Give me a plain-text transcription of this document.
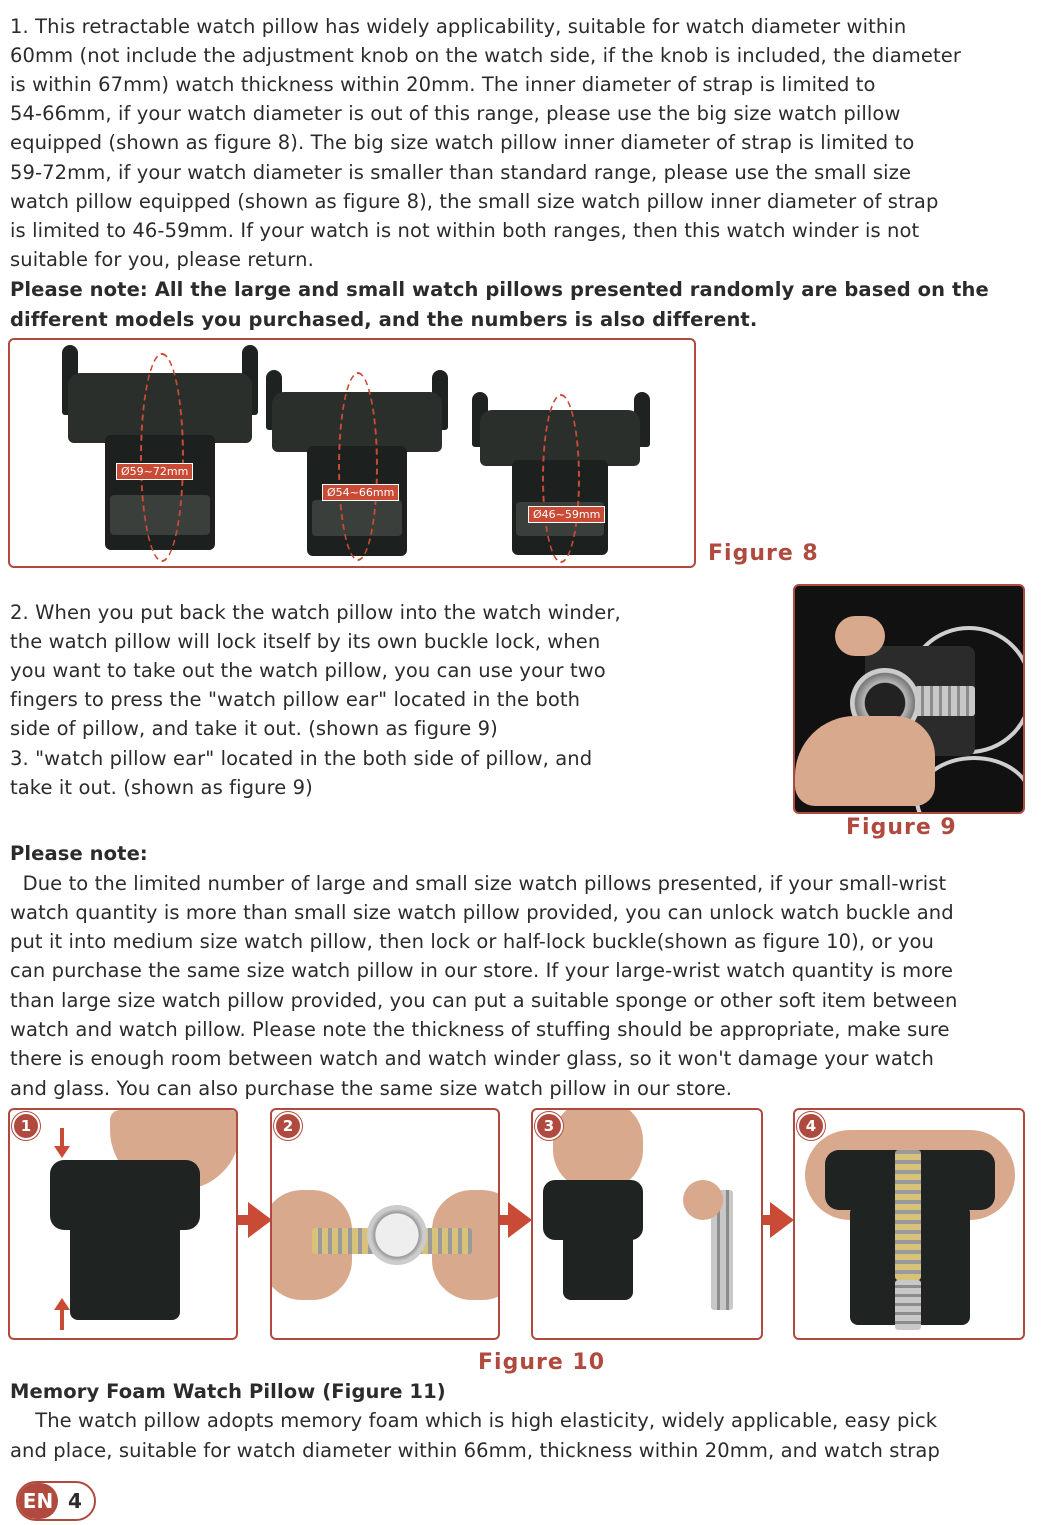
1. This retractable watch pillow has widely applicability, suitable for watch diameter within

60mm (not include the adjustment knob on the watch side, if the knob is included, the diameter

is within 67mm) watch thickness within 20mm. The inner diameter of strap is limited to

54-66mm, if your watch diameter is out of this range, please use the big size watch pillow

equipped (shown as figure 8). The big size watch pillow inner diameter of strap is limited to

59-72mm, if your watch diameter is smaller than standard range, please use the small size

watch pillow equipped (shown as figure 8), the small size watch pillow inner diameter of strap

is limited to 46-59mm. If your watch is not within both ranges, then this watch winder is not

suitable for you, please return.

Please note: All the large and small watch pillows presented randomly are based on the

different models you purchased, and the numbers is also different.

Ø59~72mm
Ø54~66mm
Ø46~59mm
Figure 8

2. When you put back the watch pillow into the watch winder,

the watch pillow will lock itself by its own buckle lock, when

you want to take out the watch pillow, you can use your two

fingers to press the "watch pillow ear" located in the both

side of pillow, and take it out. (shown as figure 9)

3. "watch pillow ear" located in the both side of pillow, and

take it out. (shown as figure 9)

Figure 9

Please note:

Due to the limited number of large and small size watch pillows presented, if your small-wrist

watch quantity is more than small size watch pillow provided, you can unlock watch buckle and

put it into medium size watch pillow, then lock or half-lock buckle(shown as figure 10), or you

can purchase the same size watch pillow in our store. If your large-wrist watch quantity is more

than large size watch pillow provided, you can put a suitable sponge or other soft item between

watch and watch pillow. Please note the thickness of stuffing should be appropriate, make sure

there is enough room between watch and watch winder glass, so it won't damage your watch

and glass. You can also purchase the same size watch pillow in our store.

1	2	3	4
Figure 10

Memory Foam Watch Pillow (Figure 11)

The watch pillow adopts memory foam which is high elasticity, widely applicable, easy pick

and place, suitable for watch diameter within 66mm, thickness within 20mm, and watch strap

EN 4
